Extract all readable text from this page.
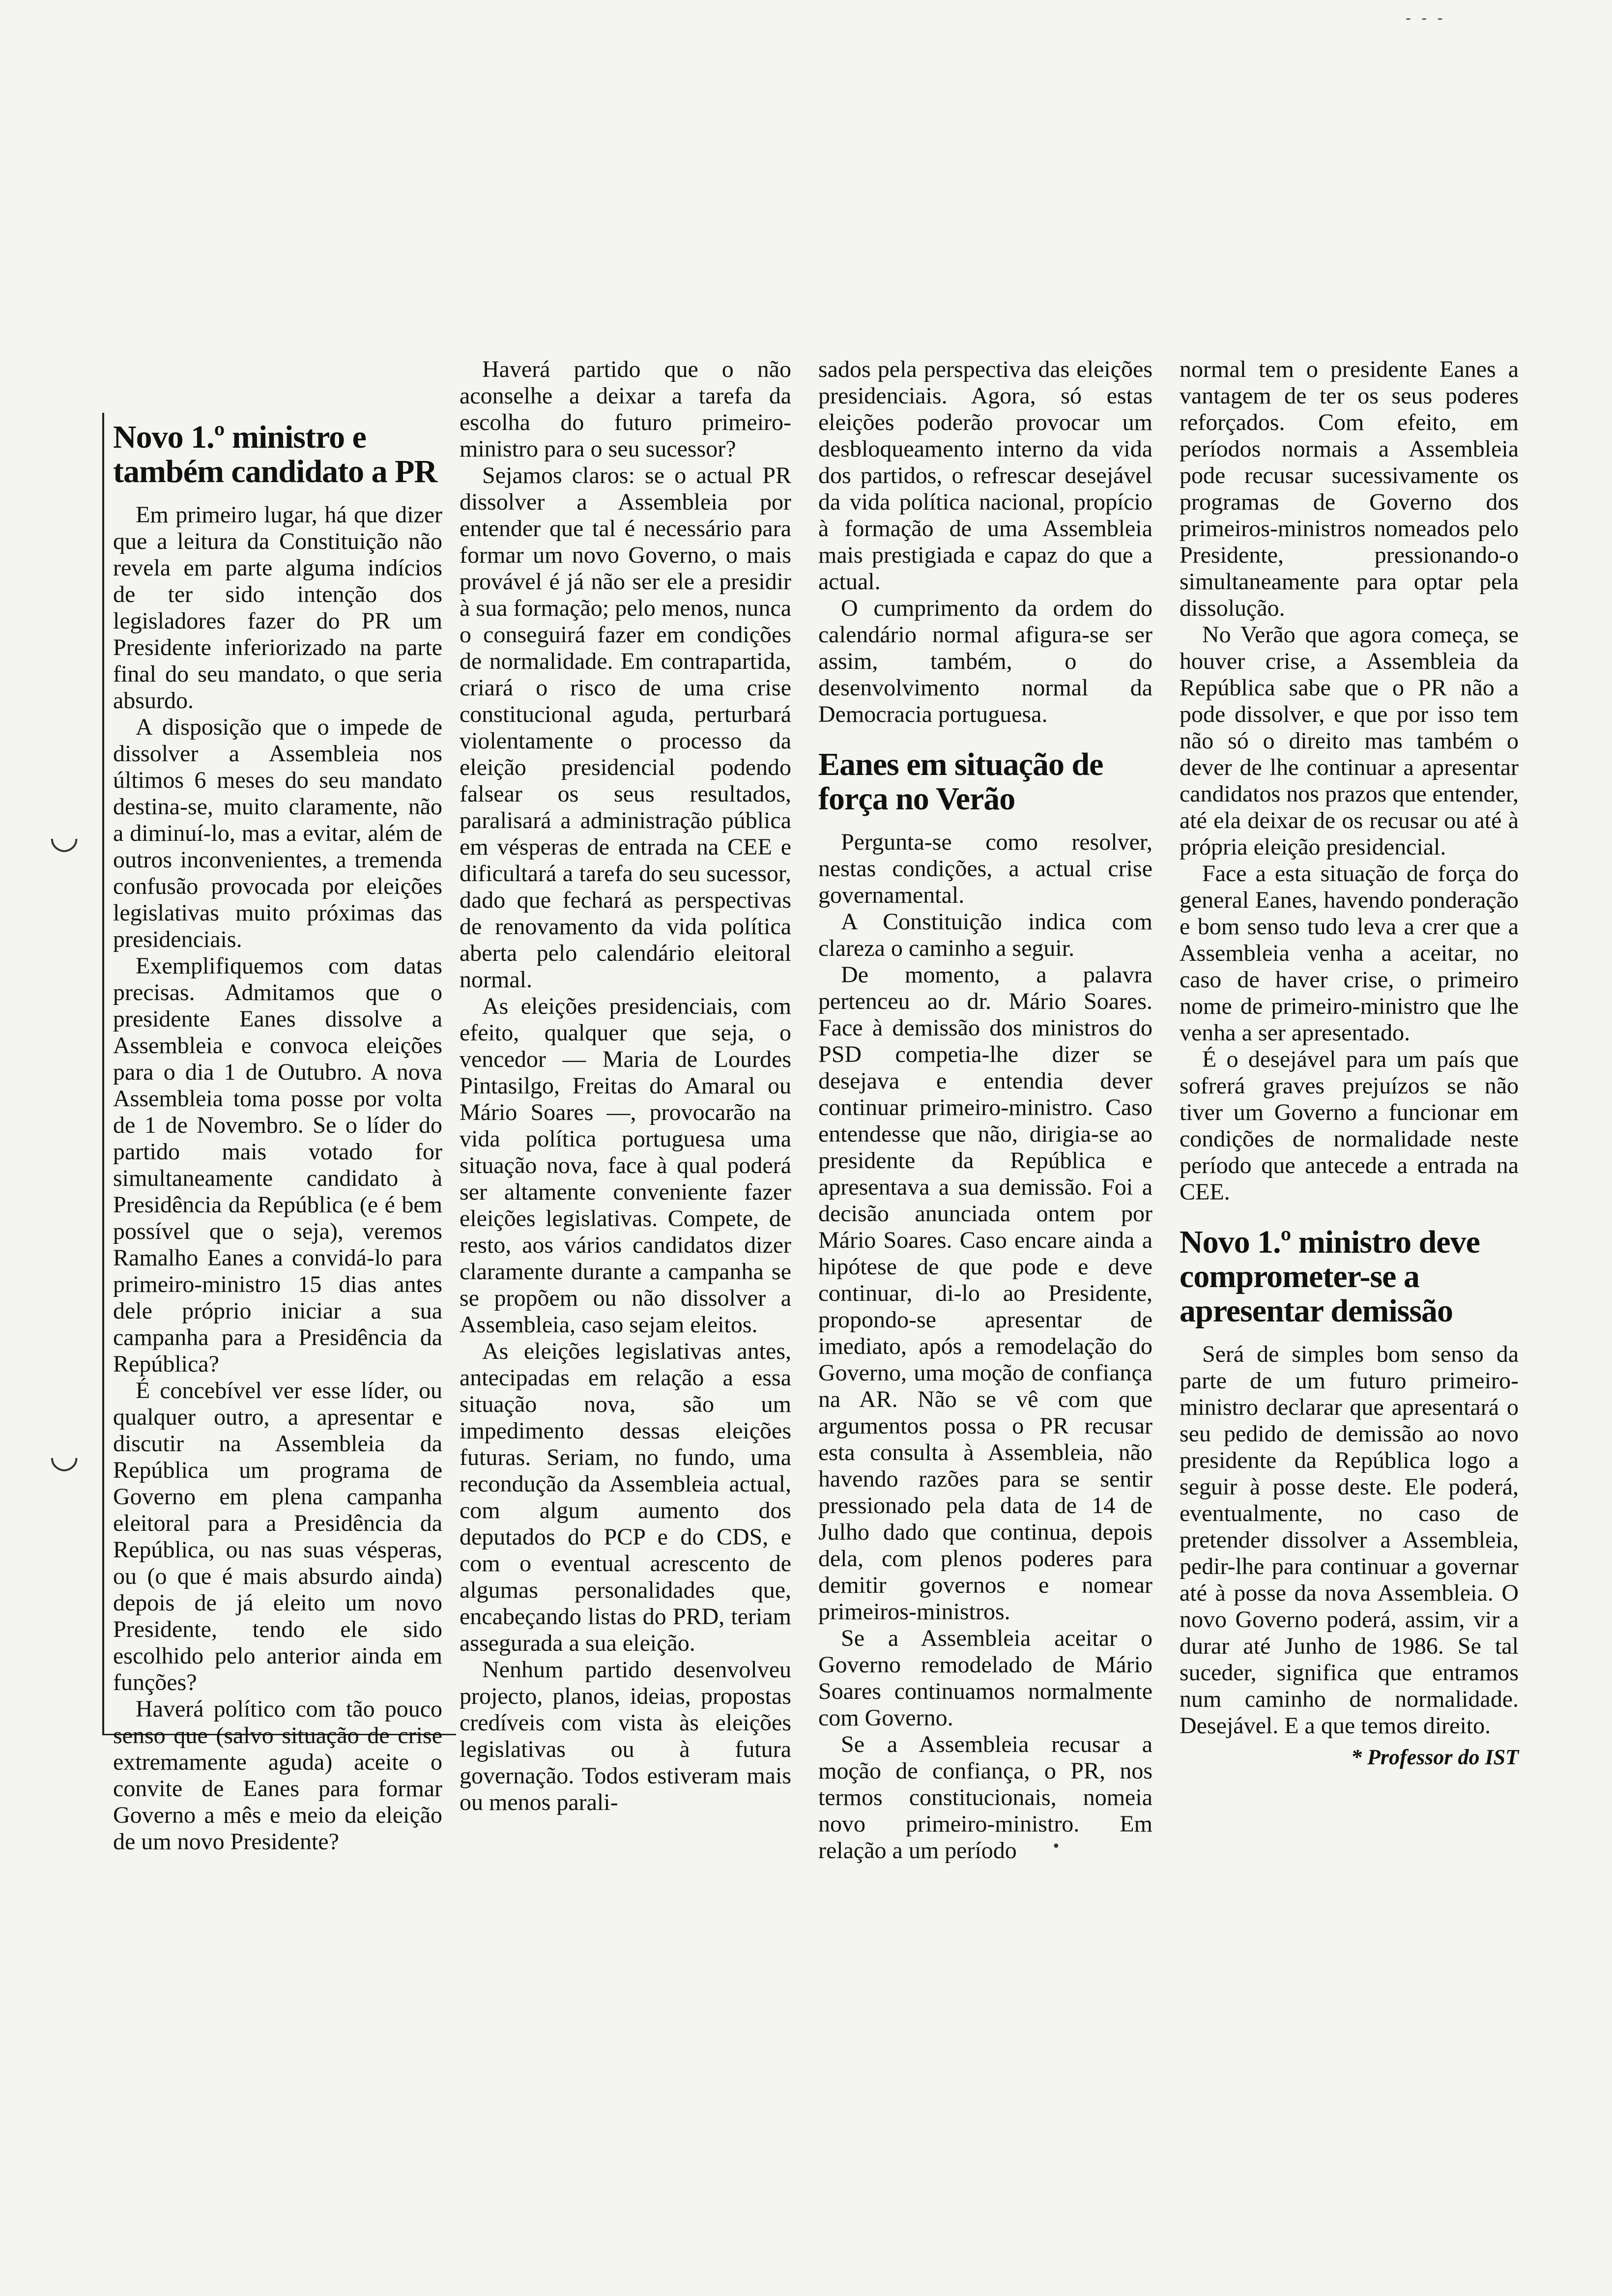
◡
◡
•
- - -
Novo 1.º ministro e também candidato a PR

Em primeiro lugar, há que dizer que a leitura da Constituição não revela em parte alguma indícios de ter sido intenção dos legisladores fazer do PR um Presidente inferiorizado na parte final do seu mandato, o que seria absurdo.

A disposição que o impede de dissolver a Assembleia nos últimos 6 meses do seu mandato destina-se, muito claramente, não a diminuí-lo, mas a evitar, além de outros inconvenientes, a tremenda confusão provocada por eleições legislativas muito próximas das presidenciais.

Exemplifiquemos com datas precisas. Admitamos que o presidente Eanes dissolve a Assembleia e convoca eleições para o dia 1 de Outubro. A nova Assembleia toma posse por volta de 1 de Novembro. Se o líder do partido mais votado for simultaneamente candidato à Presidência da República (e é bem possível que o seja), veremos Ramalho Eanes a convidá-lo para primeiro-ministro 15 dias antes dele próprio iniciar a sua campanha para a Presidência da República?

É concebível ver esse líder, ou qualquer outro, a apresentar e discutir na Assembleia da República um programa de Governo em plena campanha eleitoral para a Presidência da República, ou nas suas vésperas, ou (o que é mais absurdo ainda) depois de já eleito um novo Presidente, tendo ele sido escolhido pelo anterior ainda em funções?

Haverá político com tão pouco senso que (salvo situação de crise extremamente aguda) aceite o convite de Eanes para formar Governo a mês e meio da eleição de um novo Presidente?

Haverá partido que o não aconselhe a deixar a tarefa da escolha do futuro primeiro-ministro para o seu sucessor?

Sejamos claros: se o actual PR dissolver a Assembleia por entender que tal é necessário para formar um novo Governo, o mais provável é já não ser ele a presidir à sua formação; pelo menos, nunca o conseguirá fazer em condições de normalidade. Em contrapartida, criará o risco de uma crise constitucional aguda, perturbará violentamente o processo da eleição presidencial podendo falsear os seus resultados, paralisará a administração pública em vésperas de entrada na CEE e dificultará a tarefa do seu sucessor, dado que fechará as perspectivas de renovamento da vida política aberta pelo calendário eleitoral normal.

As eleições presidenciais, com efeito, qualquer que seja, o vencedor — Maria de Lourdes Pintasilgo, Freitas do Amaral ou Mário Soares —, provocarão na vida política portuguesa uma situação nova, face à qual poderá ser altamente conveniente fazer eleições legislativas. Compete, de resto, aos vários candidatos dizer claramente durante a campanha se se propõem ou não dissolver a Assembleia, caso sejam eleitos.

As eleições legislativas antes, antecipadas em relação a essa situação nova, são um impedimento dessas eleições futuras. Seriam, no fundo, uma recondução da Assembleia actual, com algum aumento dos deputados do PCP e do CDS, e com o eventual acrescento de algumas personalidades que, encabeçando listas do PRD, teriam assegurada a sua eleição.

Nenhum partido desenvolveu projecto, planos, ideias, propostas credíveis com vista às eleições legislativas ou à futura governação. Todos estiveram mais ou menos parali-

sados pela perspectiva das eleições presidenciais. Agora, só estas eleições poderão provocar um desbloqueamento interno da vida dos partidos, o refrescar desejável da vida política nacional, propício à formação de uma Assembleia mais prestigiada e capaz do que a actual.

O cumprimento da ordem do calendário normal afigura-se ser assim, também, o do desenvolvimento normal da Democracia portuguesa.

Eanes em situação de força no Verão

Pergunta-se como resolver, nestas condições, a actual crise governamental.

A Constituição indica com clareza o caminho a seguir.

De momento, a palavra pertenceu ao dr. Mário Soares. Face à demissão dos ministros do PSD competia-lhe dizer se desejava e entendia dever continuar primeiro-ministro. Caso entendesse que não, dirigia-se ao presidente da República e apresentava a sua demissão. Foi a decisão anunciada ontem por Mário Soares. Caso encare ainda a hipótese de que pode e deve continuar, di-lo ao Presidente, propondo-se apresentar de imediato, após a remodelação do Governo, uma moção de confiança na AR. Não se vê com que argumentos possa o PR recusar esta consulta à Assembleia, não havendo razões para se sentir pressionado pela data de 14 de Julho dado que continua, depois dela, com plenos poderes para demitir governos e nomear primeiros-ministros.

Se a Assembleia aceitar o Governo remodelado de Mário Soares continuamos normalmente com Governo.

Se a Assembleia recusar a moção de confiança, o PR, nos termos constitucionais, nomeia novo primeiro-ministro. Em relação a um período

normal tem o presidente Eanes a vantagem de ter os seus poderes reforçados. Com efeito, em períodos normais a Assembleia pode recusar sucessivamente os programas de Governo dos primeiros-ministros nomeados pelo Presidente, pressionando-o simultaneamente para optar pela dissolução.

No Verão que agora começa, se houver crise, a Assembleia da República sabe que o PR não a pode dissolver, e que por isso tem não só o direito mas também o dever de lhe continuar a apresentar candidatos nos prazos que entender, até ela deixar de os recusar ou até à própria eleição presidencial.

Face a esta situação de força do general Eanes, havendo ponderação e bom senso tudo leva a crer que a Assembleia venha a aceitar, no caso de haver crise, o primeiro nome de primeiro-ministro que lhe venha a ser apresentado.

É o desejável para um país que sofrerá graves prejuízos se não tiver um Governo a funcionar em condições de normalidade neste período que antecede a entrada na CEE.

Novo 1.º ministro deve comprometer-se a apresentar demissão

Será de simples bom senso da parte de um futuro primeiro-ministro declarar que apresentará o seu pedido de demissão ao novo presidente da República logo a seguir à posse deste. Ele poderá, eventualmente, no caso de pretender dissolver a Assembleia, pedir-lhe para continuar a governar até à posse da nova Assembleia. O novo Governo poderá, assim, vir a durar até Junho de 1986. Se tal suceder, significa que entramos num caminho de normalidade. Desejável. E a que temos direito.

* Professor do IST
